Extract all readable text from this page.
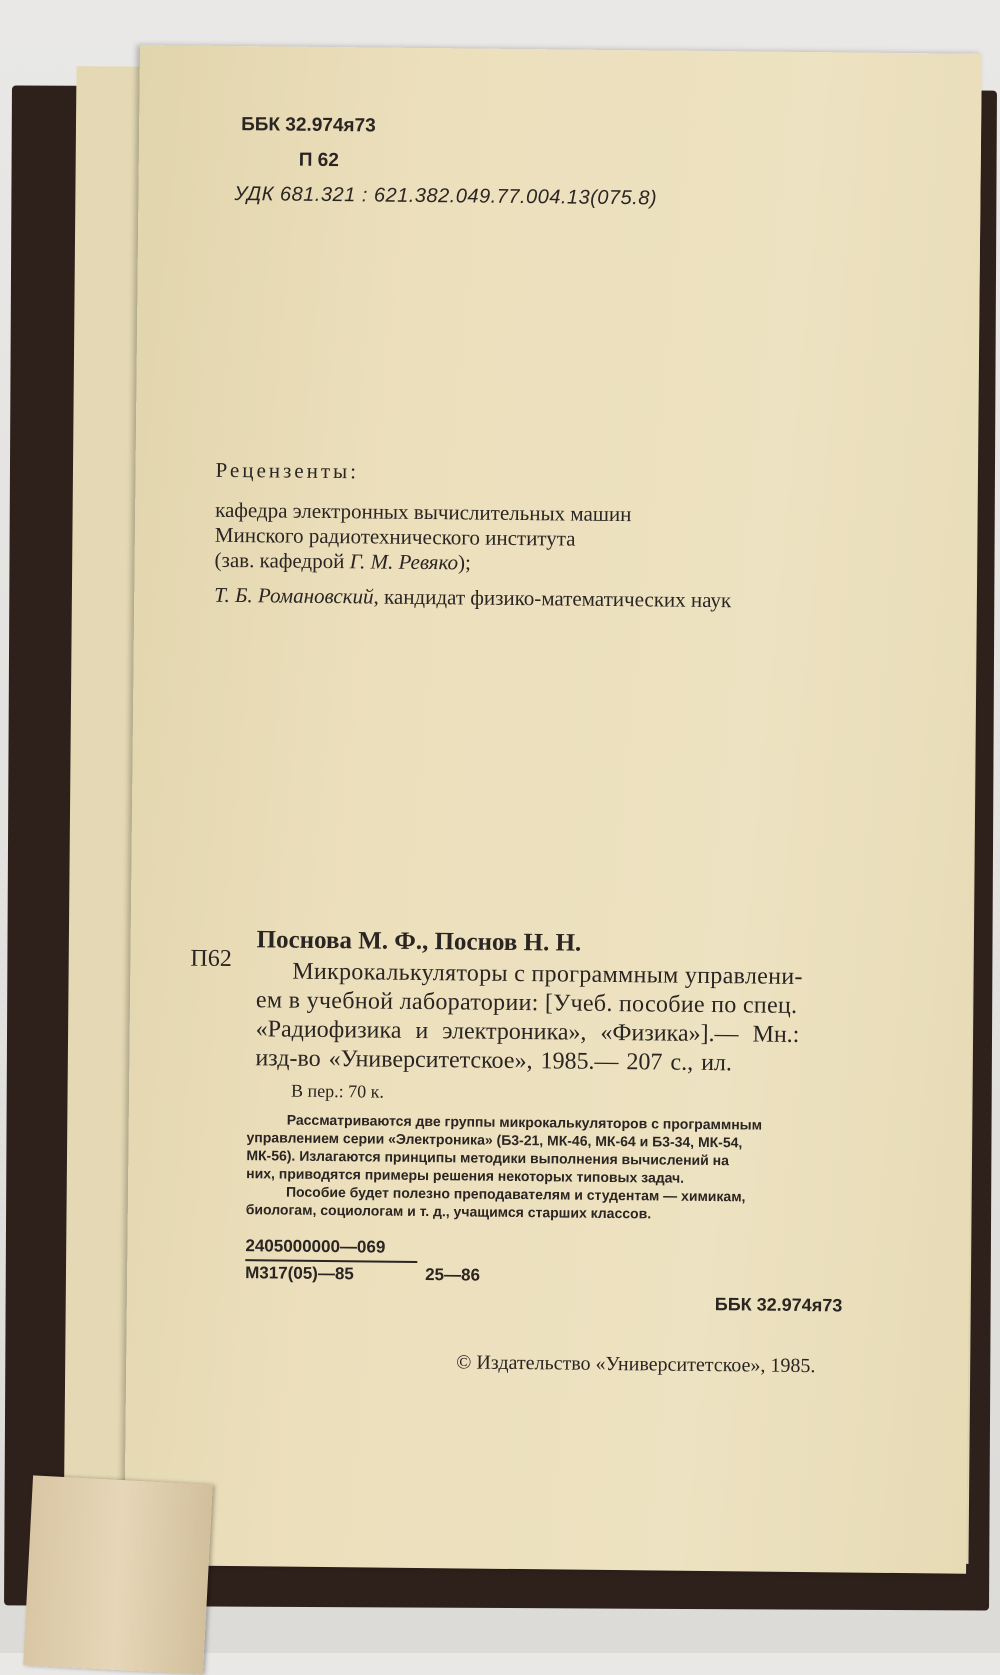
ББК 32.974я73
П 62
УДК 681.321 : 621.382.049.77.004.13(075.8)
Рецензенты:
кафедра электронных вычислительных машин
Минского радиотехнического института
(зав. кафедрой Г. М. Ревяко);
Т. Б. Романовский, кандидат физико-математических наук
П62
Поснова М. Ф., Поснов Н. Н.
Микрокалькуляторы с программным управлени-
ем в учебной лаборатории: [Учеб. пособие по спец.
«Радиофизика и электроника», «Физика»].— Мн.:
изд-во «Университетское», 1985.— 207 с., ил.
В пер.: 70 к.
Рассматриваются две группы микрокалькуляторов с программным
управлением серии «Электроника» (Б3-21, МК-46, МК-64 и Б3-34, МК-54,
МК-56). Излагаются принципы методики выполнения вычислений на
них, приводятся примеры решения некоторых типовых задач.
Пособие будет полезно преподавателям и студентам — химикам,
биологам, социологам и т. д., учащимся старших классов.
2405000000—069
М317(05)—85	25—86
ББК 32.974я73
© Издательство «Университетское», 1985.
